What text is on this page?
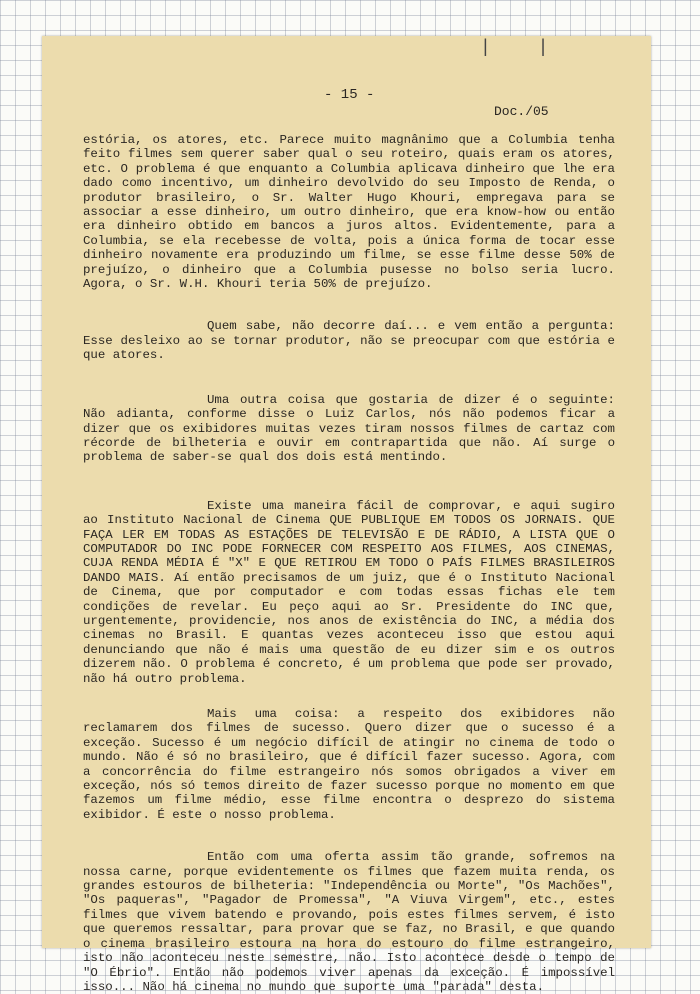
| |
- 15 -
Doc./05

estória, os atores, etc. Parece muito magnânimo que a Columbia tenha feito filmes sem querer saber qual o seu roteiro, quais eram os atores, etc. O problema é que enquanto a Columbia aplicava dinheiro que lhe era dado como incentivo, um dinheiro devolvido do seu Imposto de Renda, o produtor brasileiro, o Sr. Walter Hugo Khouri, empregava para se associar a esse dinheiro, um outro dinheiro, que era know-how ou então era dinheiro obtido em bancos a juros altos. Evidentemente, para a Columbia, se ela recebesse de volta, pois a única forma de tocar esse dinheiro novamente era produzindo um filme, se esse filme desse 50% de prejuízo, o dinheiro que a Columbia pusesse no bolso seria lucro. Agora, o Sr. W.H. Khouri teria 50% de prejuízo.

Quem sabe, não decorre daí... e vem então a pergunta: Esse desleixo ao se tornar produtor, não se preocupar com que estória e que atores.

Uma outra coisa que gostaria de dizer é o seguinte: Não adianta, conforme disse o Luiz Carlos, nós não podemos ficar a dizer que os exibidores muitas vezes tiram nossos filmes de cartaz com récorde de bilheteria e ouvir em contrapartida que não. Aí surge o problema de saber-se qual dos dois está mentindo.

Existe uma maneira fácil de comprovar, e aqui sugiro ao Instituto Nacional de Cinema QUE PUBLIQUE EM TODOS OS JORNAIS. QUE FAÇA LER EM TODAS AS ESTAÇÕES DE TELEVISÃO E DE RÁDIO, A LISTA QUE O COMPUTADOR DO INC PODE FORNECER COM RESPEITO AOS FILMES, AOS CINEMAS, CUJA RENDA MÉDIA É "X" E QUE RETIROU EM TODO O PAÍS FILMES BRASILEIROS DANDO MAIS. Aí então precisamos de um juiz, que é o Instituto Nacional de Cinema, que por computador e com todas essas fichas ele tem condições de revelar. Eu peço aqui ao Sr. Presidente do INC que, urgentemente, providencie, nos anos de existência do INC, a média dos cinemas no Brasil. E quantas vezes aconteceu isso que estou aqui denunciando que não é mais uma questão de eu dizer sim e os outros dizerem não. O problema é concreto, é um problema que pode ser provado, não há outro problema.

Mais uma coisa: a respeito dos exibidores não reclamarem dos filmes de sucesso. Quero dizer que o sucesso é a exceção. Sucesso é um negócio difícil de atingir no cinema de todo o mundo. Não é só no brasileiro, que é difícil fazer sucesso. Agora, com a concorrência do filme estrangeiro nós somos obrigados a viver em exceção, nós só temos direito de fazer sucesso porque no momento em que fazemos um filme médio, esse filme encontra o desprezo do sistema exibidor. É este o nosso problema.

Então com uma oferta assim tão grande, sofremos na nossa carne, porque evidentemente os filmes que fazem muita renda, os grandes estouros de bilheteria: "Independência ou Morte", "Os Machões", "Os paqueras", "Pagador de Promessa", "A Viuva Virgem", etc., estes filmes que vivem batendo e provando, pois estes filmes servem, é isto que queremos ressaltar, para provar que se faz, no Brasil, e que quando o cinema brasileiro estoura na hora do estouro do filme estrangeiro, isto não aconteceu neste semestre, não. Isto acontece desde o tempo de "O Ébrio". Então não podemos viver apenas da exceção. É impossível isso... Não há cinema no mundo que suporte uma "parada" desta.
